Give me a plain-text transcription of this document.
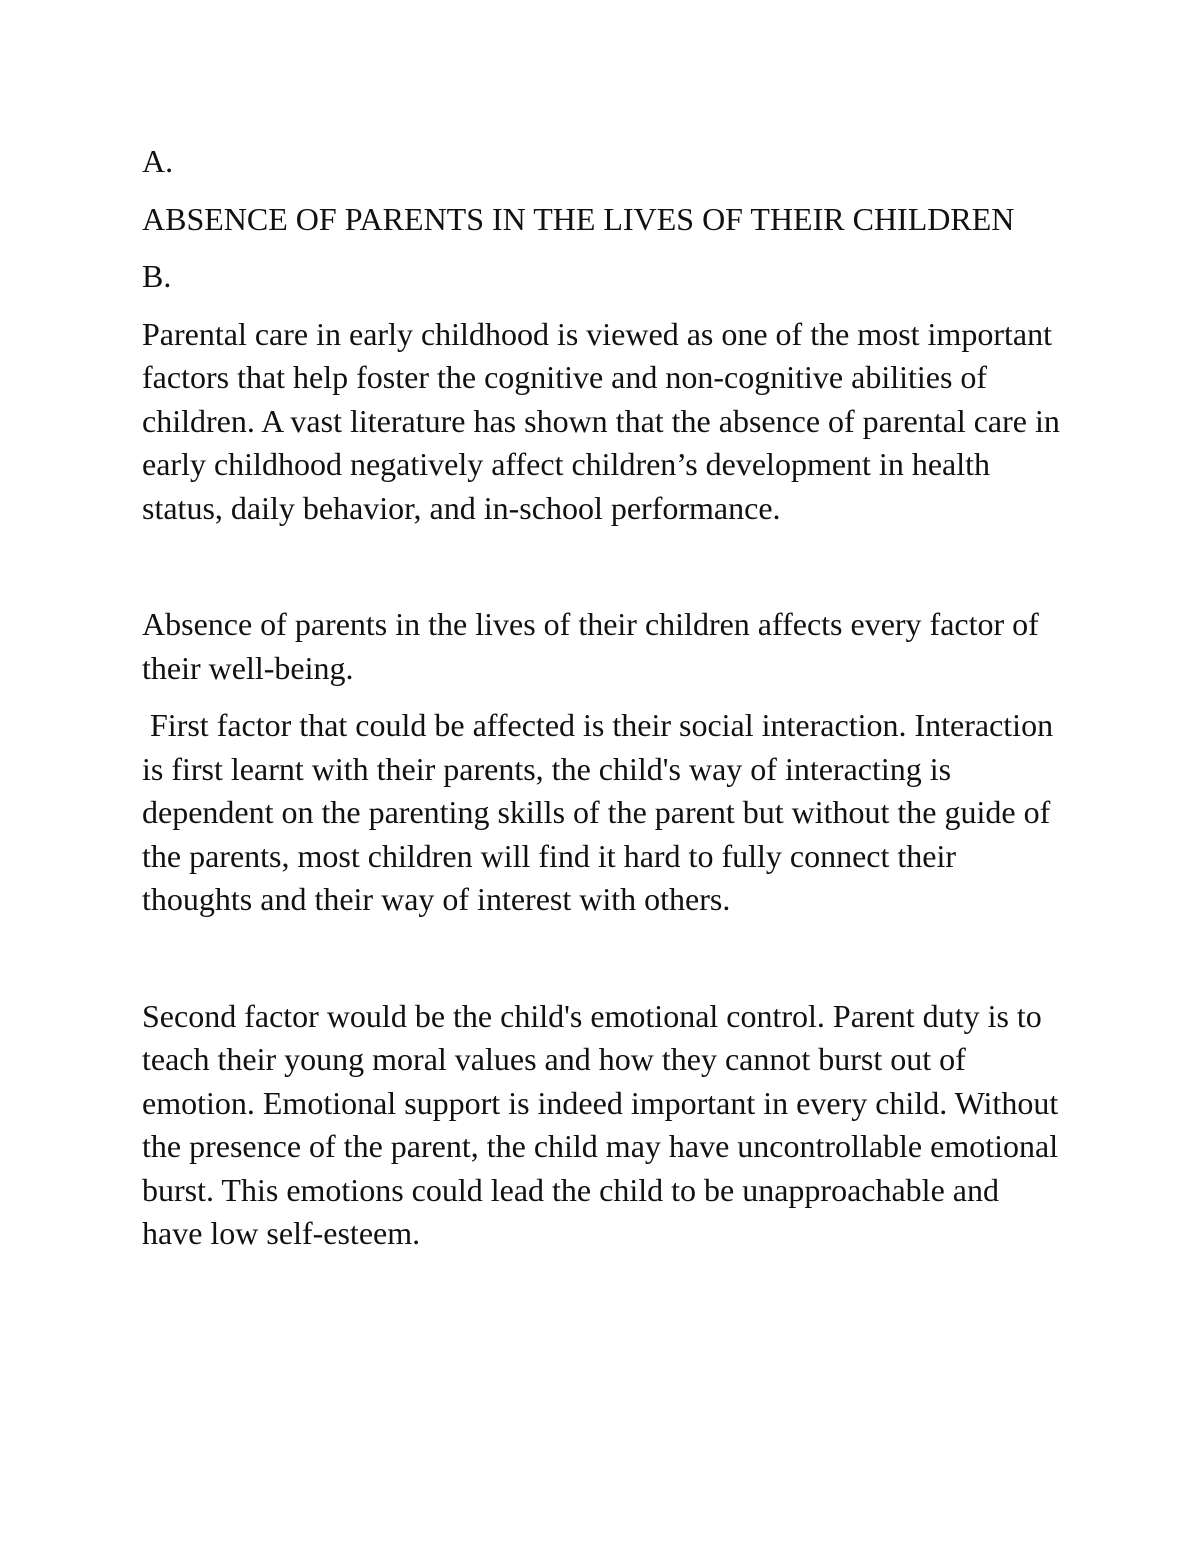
A.

ABSENCE OF PARENTS IN THE LIVES OF THEIR CHILDREN

B.

Parental care in early childhood is viewed as one of the most important factors that help foster the cognitive and non-cognitive abilities of children. A vast literature has shown that the absence of parental care in early childhood negatively affect children’s development in health status, daily behavior, and in-school performance.

Absence of parents in the lives of their children affects every factor of their well-being.

First factor that could be affected is their social interaction. Interaction is first learnt with their parents, the child's way of interacting is dependent on the parenting skills of the parent but without the guide of the parents, most children will find it hard to fully connect their thoughts and their way of interest with others.

Second factor would be the child's emotional control. Parent duty is to teach their young moral values and how they cannot burst out of emotion. Emotional support is indeed important in every child. Without the presence of the parent, the child may have uncontrollable emotional burst. This emotions could lead the child to be unapproachable and have low self-esteem.
